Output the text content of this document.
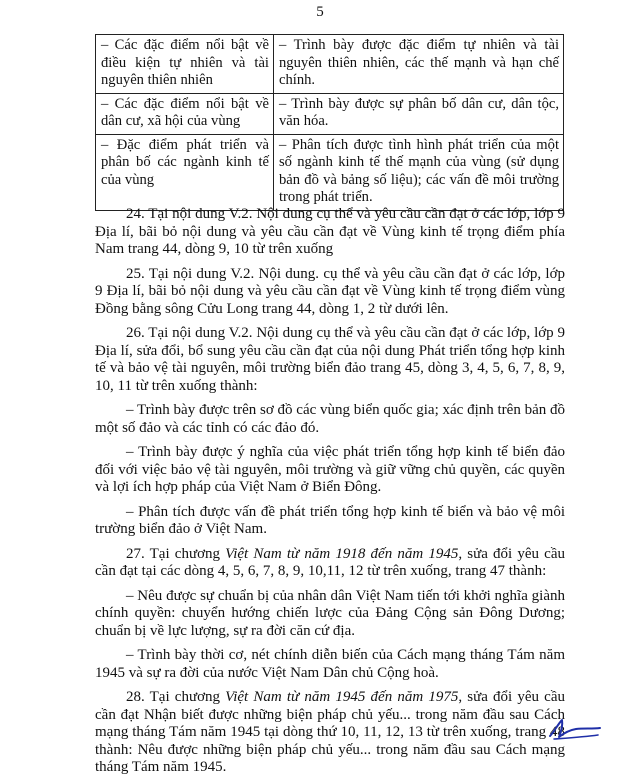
5
– Các đặc điểm nổi bật về điều kiện tự nhiên và tài nguyên thiên nhiên	– Trình bày được đặc điểm tự nhiên và tài nguyên thiên nhiên, các thế mạnh và hạn chế chính.
– Các đặc điểm nổi bật về dân cư, xã hội của vùng	– Trình bày được sự phân bố dân cư, dân tộc, văn hóa.
– Đặc điểm phát triển và phân bố các ngành kinh tế của vùng	– Phân tích được tình hình phát triển của một số ngành kinh tế thế mạnh của vùng (sử dụng bản đồ và bảng số liệu); các vấn đề môi trường trong phát triển.

24. Tại nội dung V.2. Nội dung cụ thể và yêu cầu cần đạt ở các lớp, lớp 9 Địa lí, bãi bỏ nội dung và yêu cầu cần đạt về Vùng kinh tế trọng điểm phía Nam trang 44, dòng 9, 10 từ trên xuống

25. Tại nội dung V.2. Nội dung. cụ thể và yêu cầu cần đạt ở các lớp, lớp 9 Địa lí, bãi bỏ nội dung và yêu cầu cần đạt về Vùng kinh tế trọng điểm vùng Đồng bằng sông Cửu Long trang 44, dòng 1, 2 từ dưới lên.

26. Tại nội dung V.2. Nội dung cụ thể và yêu cầu cần đạt ở các lớp, lớp 9 Địa lí, sửa đổi, bổ sung yêu cầu cần đạt của nội dung Phát triển tổng hợp kinh tế và bảo vệ tài nguyên, môi trường biển đảo trang 45, dòng 3, 4, 5, 6, 7, 8, 9, 10, 11 từ trên xuống thành:

– Trình bày được trên sơ đồ các vùng biển quốc gia; xác định trên bản đồ một số đảo và các tỉnh có các đảo đó.

– Trình bày được ý nghĩa của việc phát triển tổng hợp kinh tế biển đảo đối với việc bảo vệ tài nguyên, môi trường và giữ vững chủ quyền, các quyền và lợi ích hợp pháp của Việt Nam ở Biển Đông.

– Phân tích được vấn đề phát triển tổng hợp kinh tế biển và bảo vệ môi trường biển đảo ở Việt Nam.

27. Tại chương Việt Nam từ năm 1918 đến năm 1945, sửa đổi yêu cầu cần đạt tại các dòng 4, 5, 6, 7, 8, 9, 10,11, 12 từ trên xuống, trang 47 thành:

– Nêu được sự chuẩn bị của nhân dân Việt Nam tiến tới khởi nghĩa giành chính quyền: chuyển hướng chiến lược của Đảng Cộng sản Đông Dương; chuẩn bị về lực lượng, sự ra đời căn cứ địa.

– Trình bày thời cơ, nét chính diễn biến của Cách mạng tháng Tám năm 1945 và sự ra đời của nước Việt Nam Dân chủ Cộng hoà.

28. Tại chương Việt Nam từ năm 1945 đến năm 1975, sửa đổi yêu cầu cần đạt Nhận biết được những biện pháp chủ yếu... trong năm đầu sau Cách mạng tháng Tám năm 1945 tại dòng thứ 10, 11, 12, 13 từ trên xuống, trang 48 thành: Nêu được những biện pháp chủ yếu... trong năm đầu sau Cách mạng tháng Tám năm 1945.
